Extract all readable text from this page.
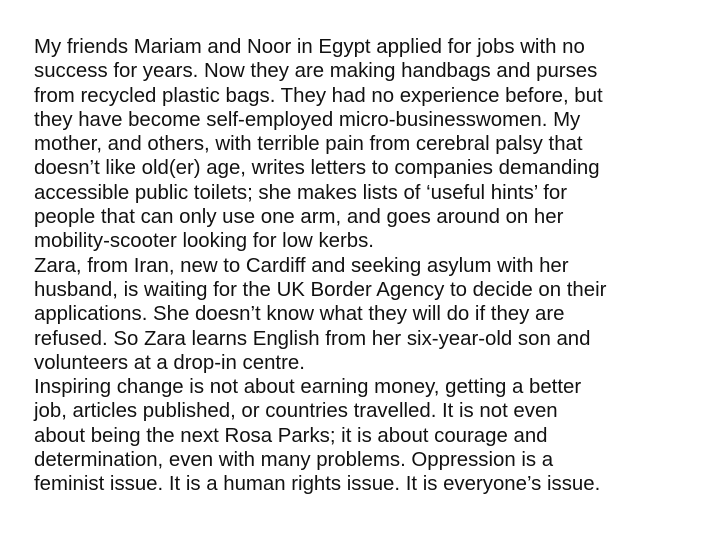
My friends Mariam and Noor in Egypt applied for jobs with no
success for years. Now they are making handbags and purses
from recycled plastic bags. They had no experience before, but
they have become self-employed micro-businesswomen. My
mother, and others, with terrible pain from cerebral palsy that
doesn’t like old(er) age, writes letters to companies demanding
accessible public toilets; she makes lists of ‘useful hints’ for
people that can only use one arm, and goes around on her
mobility-scooter looking for low kerbs.

Zara, from Iran, new to Cardiff and seeking asylum with her
husband, is waiting for the UK Border Agency to decide on their
applications. She doesn’t know what they will do if they are
refused. So Zara learns English from her six-year-old son and
volunteers at a drop-in centre.

Inspiring change is not about earning money, getting a better
job, articles published, or countries travelled. It is not even
about being the next Rosa Parks; it is about courage and
determination, even with many problems. Oppression is a
feminist issue. It is a human rights issue. It is everyone’s issue.
